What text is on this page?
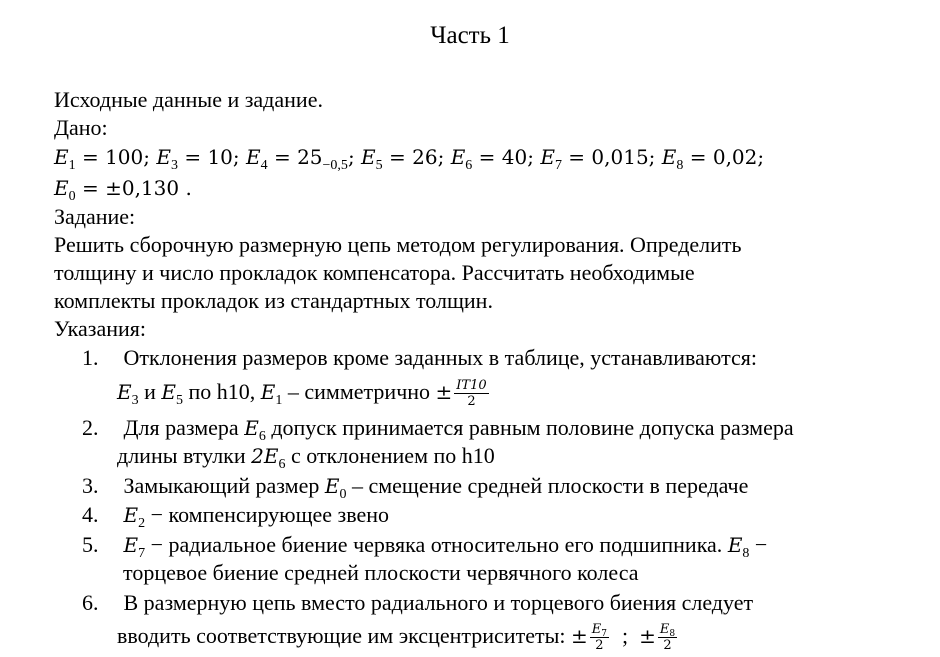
Часть 1
Исходные данные и задание.
Дано:
$E_1 = 100$; $E_3 = 10$; $E_4 = 25_{-0,5}$; $E_5 = 26$; $E_6 = 40$; $E_7 = 0,015$; $E_8 = 0,02$;
$E_0 = \pm 0,130$ .
Задание:
Решить сборочную размерную цепь методом регулирования. Определить
толщину и число прокладок компенсатора. Рассчитать необходимые
комплекты прокладок из стандартных толщин.
Указания:
1. Отклонения размеров кроме заданных в таблице, устанавливаются:
$E_3$ и $E_5$ по h10, $E_1$ – симметрично ± $\frac{IT10}{2}$
2. Для размера $E_6$ допуск принимается равным половине допуска размера
длины втулки $2E_6$ с отклонением по h10
3. Замыкающий размер $E_0$ – смещение средней плоскости в передаче
4. $E_2$ − компенсирующее звено
5. $E_7$ − радиальное биение червяка относительно его подшипника. $E_8$ −
торцевое биение средней плоскости червячного колеса
6. В размерную цепь вместо радиального и торцевого биения следует
вводить соответствующие им эксцентриситеты: ± $\frac{E_7}{2}$ ;  ± $\frac{E_8}{2}$
